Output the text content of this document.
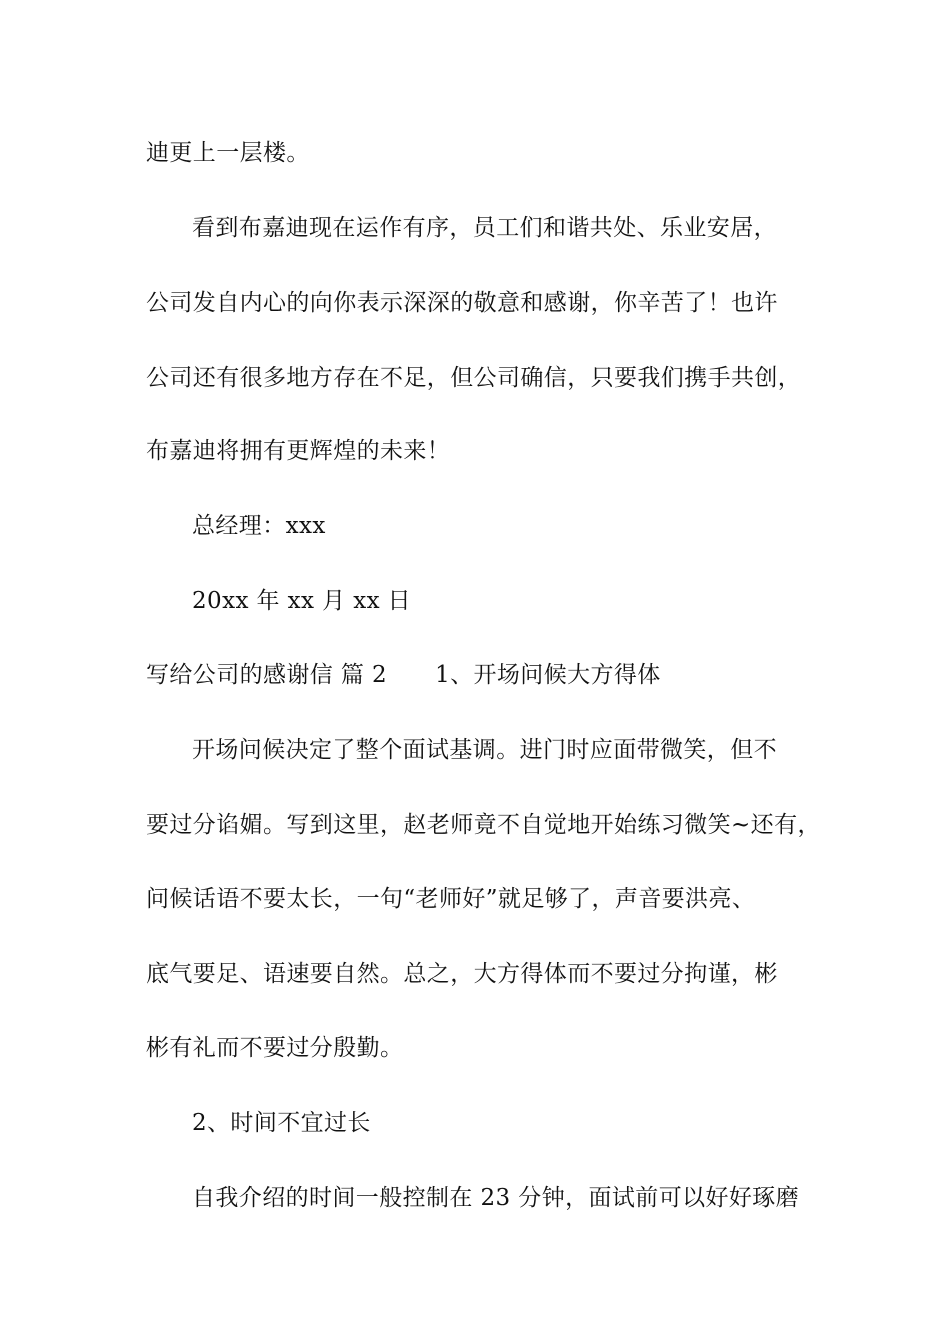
迪更上一层楼。
看到布嘉迪现在运作有序，员工们和谐共处、乐业安居，
公司发自内心的向你表示深深的敬意和感谢，你辛苦了！也许
公司还有很多地方存在不足，但公司确信，只要我们携手共创，
布嘉迪将拥有更辉煌的未来！
总经理：xxx
20xx 年 xx 月 xx 日
写给公司的感谢信 篇 2 1、开场问候大方得体
开场问候决定了整个面试基调。进门时应面带微笑，但不
要过分谄媚。写到这里，赵老师竟不自觉地开始练习微笑~还有，
问候话语不要太长，一句“老师好”就足够了，声音要洪亮、
底气要足、语速要自然。总之，大方得体而不要过分拘谨，彬
彬有礼而不要过分殷勤。
2、时间不宜过长
自我介绍的时间一般控制在 23 分钟，面试前可以好好琢磨
